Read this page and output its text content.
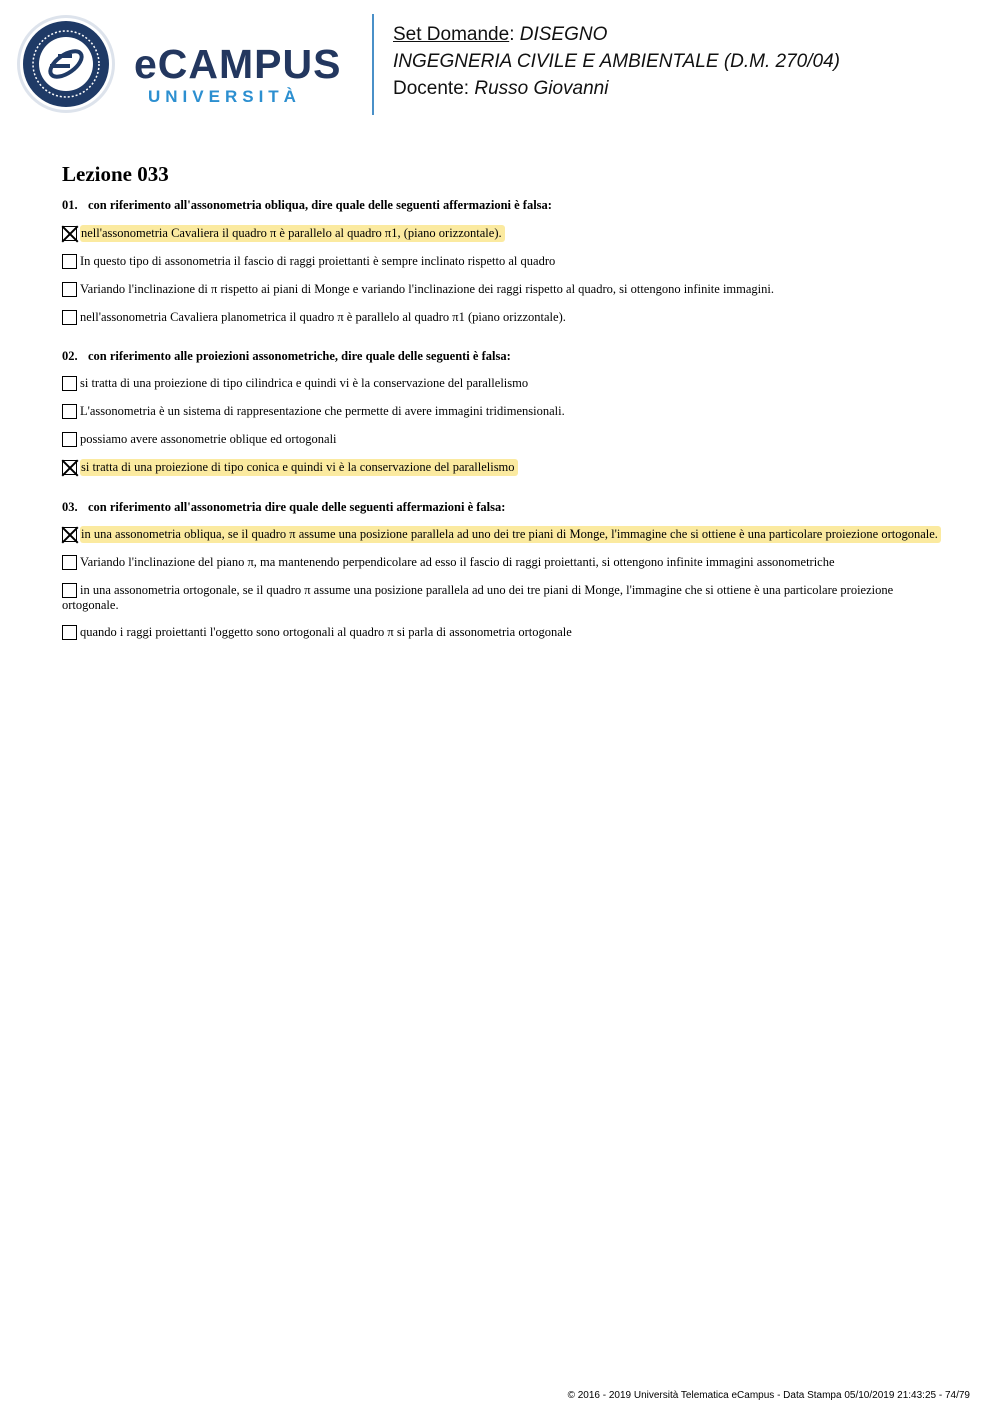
eCAMPUS
UNIVERSITÀ
Set Domande: DISEGNO
INGEGNERIA CIVILE E AMBIENTALE (D.M. 270/04)
Docente: Russo Giovanni
Lezione 033
01. con riferimento all'assonometria obliqua, dire quale delle seguenti affermazioni è falsa:
nell'assonometria Cavaliera il quadro π è parallelo al quadro π1, (piano orizzontale).
In questo tipo di assonometria il fascio di raggi proiettanti è sempre inclinato rispetto al quadro
Variando l'inclinazione di π rispetto ai piani di Monge e variando l'inclinazione dei raggi rispetto al quadro, si ottengono infinite immagini.
nell'assonometria Cavaliera planometrica il quadro π è parallelo al quadro π1 (piano orizzontale).
02. con riferimento alle proiezioni assonometriche, dire quale delle seguenti è falsa:
si tratta di una proiezione di tipo cilindrica e quindi vi è la conservazione del parallelismo
L'assonometria è un sistema di rappresentazione che permette di avere immagini tridimensionali.
possiamo avere assonometrie oblique ed ortogonali
si tratta di una proiezione di tipo conica e quindi vi è la conservazione del parallelismo
03. con riferimento all'assonometria dire quale delle seguenti affermazioni è falsa:
in una assonometria obliqua, se il quadro π assume una posizione parallela ad uno dei tre piani di Monge, l'immagine che si ottiene è una particolare proiezione ortogonale.
Variando l'inclinazione del piano π, ma mantenendo perpendicolare ad esso il fascio di raggi proiettanti, si ottengono infinite immagini assonometriche
in una assonometria ortogonale, se il quadro π assume una posizione parallela ad uno dei tre piani di Monge, l'immagine che si ottiene è una particolare proiezione ortogonale.
quando i raggi proiettanti l'oggetto sono ortogonali al quadro π si parla di assonometria ortogonale
© 2016 - 2019 Università Telematica eCampus - Data Stampa 05/10/2019 21:43:25 - 74/79
